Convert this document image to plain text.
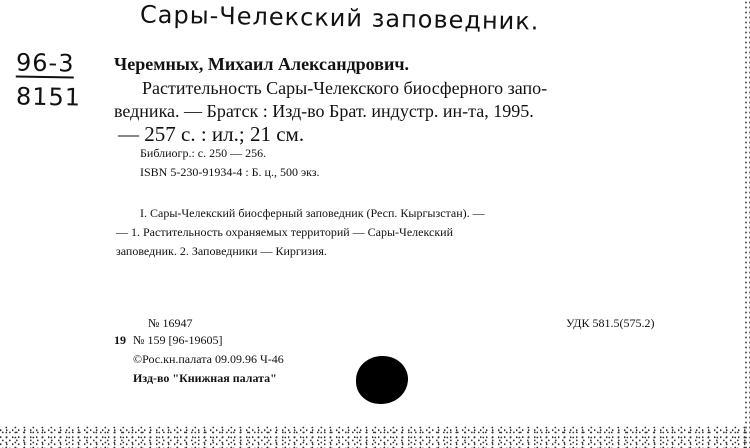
Сары-Челекский заповедник.
96-3
8151
Черемных, Михаил Александрович.
Растительность Сары-Челекского биосферного запо-
ведника. — Братск : Изд-во Брат. индустр. ин-та, 1995.
— 257 с. : ил.; 21 см.
Библиогр.: с. 250 — 256.
ISBN 5-230-91934-4 : Б. ц., 500 экз.
I. Сары-Челекский биосферный заповедник (Респ. Кыргызстан). —
— 1. Растительность охраняемых территорий — Сары-Челекский
заповедник. 2. Заповедники — Киргизия.
№ 16947
19 № 159 [96-19605]
©Рос.кн.палата 09.09.96 Ч-46
Изд-во "Книжная палата"
УДК 581.5(575.2)
